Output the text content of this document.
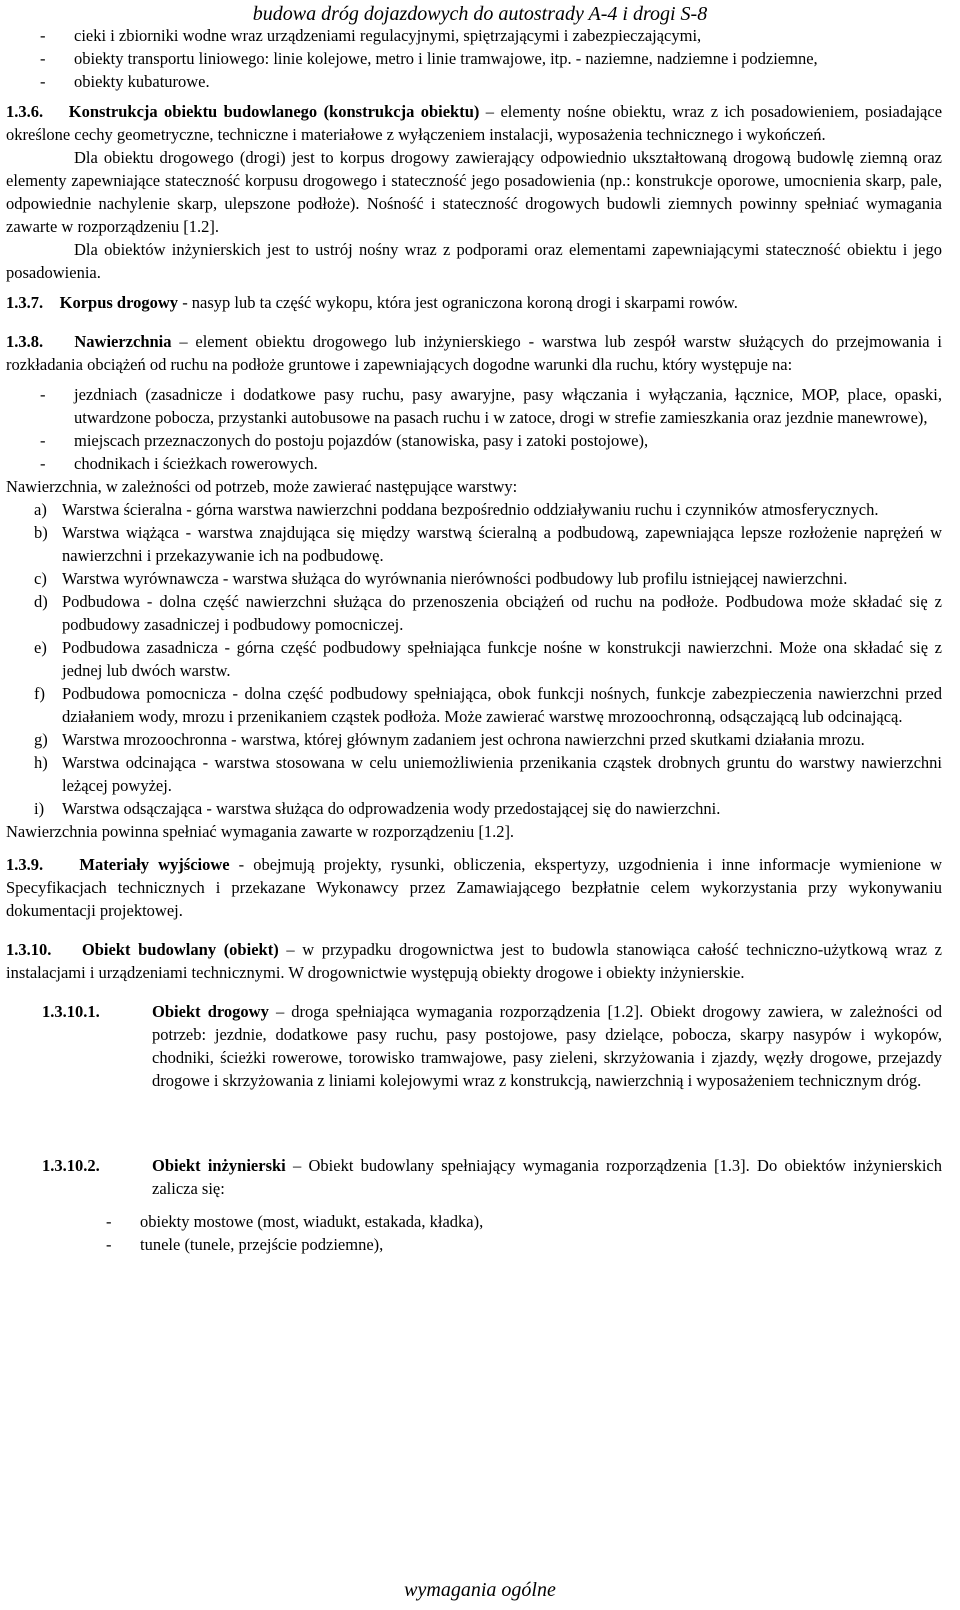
budowa dróg dojazdowych do autostrady A-4 i drogi S-8
- cieki i zbiorniki wodne wraz urządzeniami regulacyjnymi, spiętrzającymi i zabezpieczającymi,
- obiekty transportu liniowego: linie kolejowe, metro i linie tramwajowe, itp. - naziemne, nadziemne i podziemne,
- obiekty kubaturowe.

1.3.6. Konstrukcja obiektu budowlanego (konstrukcja obiektu) – elementy nośne obiektu, wraz z ich posadowieniem, posiadające określone cechy geometryczne, techniczne i materiałowe z wyłączeniem instalacji, wyposażenia technicznego i wykończeń.

Dla obiektu drogowego (drogi) jest to korpus drogowy zawierający odpowiednio ukształtowaną drogową budowlę ziemną oraz elementy zapewniające stateczność korpusu drogowego i stateczność jego posadowienia (np.: konstrukcje oporowe, umocnienia skarp, pale, odpowiednie nachylenie skarp, ulepszone podłoże). Nośność i stateczność drogowych budowli ziemnych powinny spełniać wymagania zawarte w rozporządzeniu [1.2].

Dla obiektów inżynierskich jest to ustrój nośny wraz z podporami oraz elementami zapewniającymi stateczność obiektu i jego posadowienia.

1.3.7. Korpus drogowy - nasyp lub ta część wykopu, która jest ograniczona koroną drogi i skarpami rowów.

1.3.8. Nawierzchnia – element obiektu drogowego lub inżynierskiego - warstwa lub zespół warstw służących do przejmowania i rozkładania obciążeń od ruchu na podłoże gruntowe i zapewniających dogodne warunki dla ruchu, który występuje na:

- jezdniach (zasadnicze i dodatkowe pasy ruchu, pasy awaryjne, pasy włączania i wyłączania, łącznice, MOP, place, opaski, utwardzone pobocza, przystanki autobusowe na pasach ruchu i w zatoce, drogi w strefie zamieszkania oraz jezdnie manewrowe),
- miejscach przeznaczonych do postoju pojazdów (stanowiska, pasy i zatoki postojowe),
- chodnikach i ścieżkach rowerowych.

Nawierzchnia, w zależności od potrzeb, może zawierać następujące warstwy:

a) Warstwa ścieralna - górna warstwa nawierzchni poddana bezpośrednio oddziaływaniu ruchu i czynników atmosferycznych.
b) Warstwa wiążąca - warstwa znajdująca się między warstwą ścieralną a podbudową, zapewniająca lepsze rozłożenie naprężeń w nawierzchni i przekazywanie ich na podbudowę.
c) Warstwa wyrównawcza - warstwa służąca do wyrównania nierówności podbudowy lub profilu istniejącej nawierzchni.
d) Podbudowa - dolna część nawierzchni służąca do przenoszenia obciążeń od ruchu na podłoże. Podbudowa może składać się z podbudowy zasadniczej i podbudowy pomocniczej.
e) Podbudowa zasadnicza - górna część podbudowy spełniająca funkcje nośne w konstrukcji nawierzchni. Może ona składać się z jednej lub dwóch warstw.
f) Podbudowa pomocnicza - dolna część podbudowy spełniająca, obok funkcji nośnych, funkcje zabezpieczenia nawierzchni przed działaniem wody, mrozu i przenikaniem cząstek podłoża. Może zawierać warstwę mrozoochronną, odsączającą lub odcinającą.
g) Warstwa mrozoochronna - warstwa, której głównym zadaniem jest ochrona nawierzchni przed skutkami działania mrozu.
h) Warstwa odcinająca - warstwa stosowana w celu uniemożliwienia przenikania cząstek drobnych gruntu do warstwy nawierzchni leżącej powyżej.
i) Warstwa odsączająca - warstwa służąca do odprowadzenia wody przedostającej się do nawierzchni.

Nawierzchnia powinna spełniać wymagania zawarte w rozporządzeniu [1.2].

1.3.9. Materiały wyjściowe - obejmują projekty, rysunki, obliczenia, ekspertyzy, uzgodnienia i inne informacje wymienione w Specyfikacjach technicznych i przekazane Wykonawcy przez Zamawiającego bezpłatnie celem wykorzystania przy wykonywaniu dokumentacji projektowej.

1.3.10. Obiekt budowlany (obiekt) – w przypadku drogownictwa jest to budowla stanowiąca całość techniczno-użytkową wraz z instalacjami i urządzeniami technicznymi. W drogownictwie występują obiekty drogowe i obiekty inżynierskie.

1.3.10.1.	Obiekt drogowy – droga spełniająca wymagania rozporządzenia [1.2]. Obiekt drogowy zawiera, w zależności od potrzeb: jezdnie, dodatkowe pasy ruchu, pasy postojowe, pasy dzielące, pobocza, skarpy nasypów i wykopów, chodniki, ścieżki rowerowe, torowisko tramwajowe, pasy zieleni, skrzyżowania i zjazdy, węzły drogowe, przejazdy drogowe i skrzyżowania z liniami kolejowymi wraz z konstrukcją, nawierzchnią i wyposażeniem technicznym dróg.
1.3.10.2.	Obiekt inżynierski – Obiekt budowlany spełniający wymagania rozporządzenia [1.3]. Do obiektów inżynierskich zalicza się:
- obiekty mostowe (most, wiadukt, estakada, kładka),
- tunele (tunele, przejście podziemne),
wymagania ogólne
